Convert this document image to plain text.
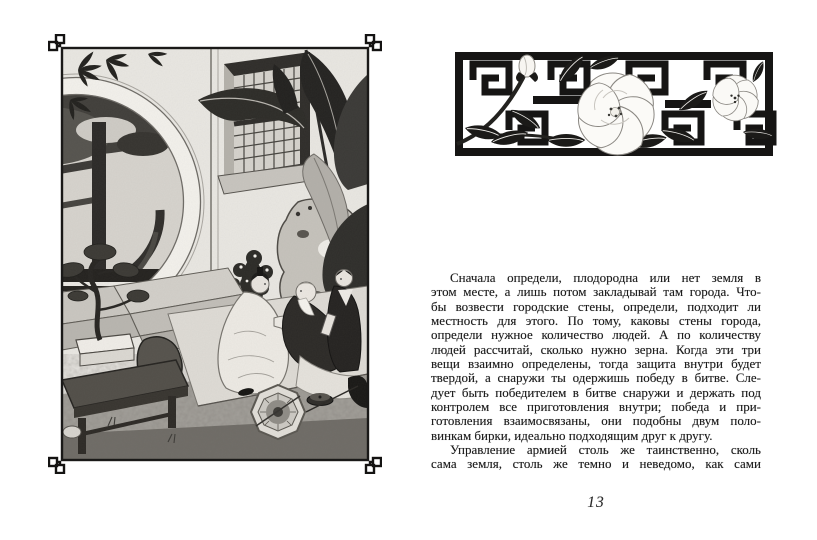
Сначала определи, плодородна или нет земля в
этом месте, а лишь потом закладывай там города. Что-
бы возвести городские стены, определи, подходит ли
местность для этого. По тому, каковы стены города,
определи нужное количество людей. А по количеству
людей рассчитай, сколько нужно зерна. Когда эти три
вещи взаимно определены, тогда защита внутри будет
твердой, а снаружи ты одержишь победу в битве. Сле-
дует быть победителем в битве снаружи и держать под
контролем все приготовления внутри; победа и при-
готовления взаимосвязаны, они подобны двум поло-
винкам бирки, идеально подходящим друг к другу.
Управление армией столь же таинственно, сколь
сама земля, столь же темно и неведомо, как сами
13
